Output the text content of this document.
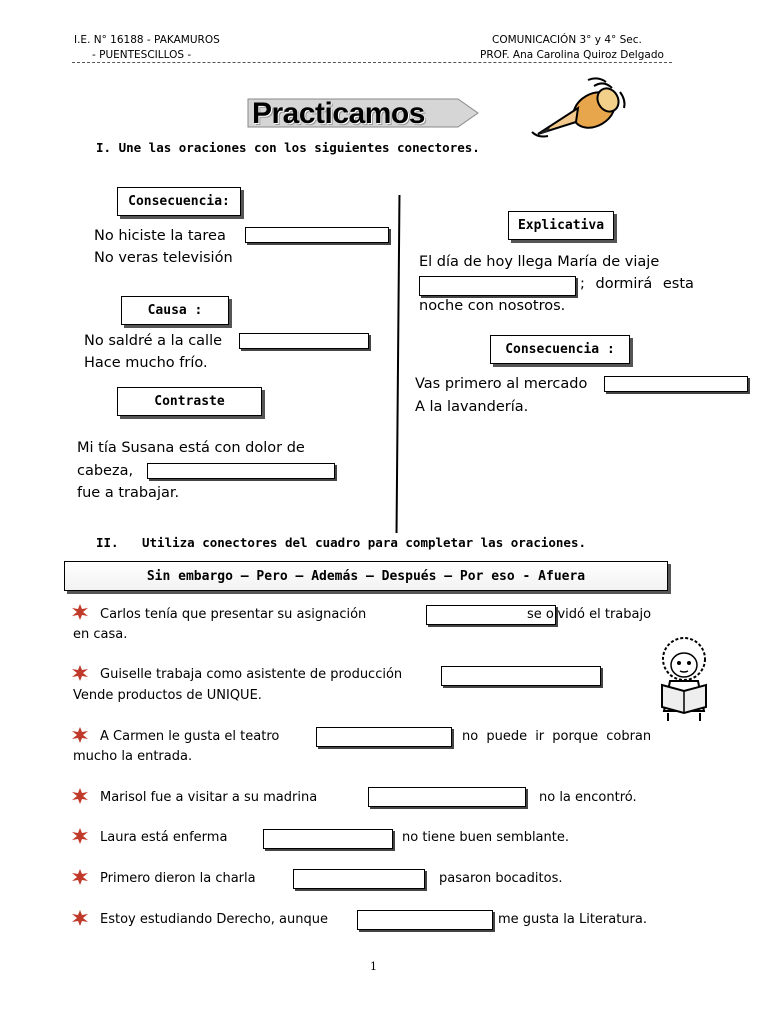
I.E. N° 16188 - PAKAMUROS
- PUENTESCILLOS -
COMUNICACIÓN 3° y 4° Sec.
PROF. Ana Carolina Quiroz Delgado
Practicamos
I. Une las oraciones con los siguientes conectores.
Consecuencia:
No hiciste la tarea
No veras televisión
Causa :
No saldré a la calle
Hace mucho frío.
Contraste
Mi tía Susana está con dolor de
cabeza,
fue a trabajar.
Explicativa
El día de hoy llega María de viaje
; dormirá esta
noche con nosotros.
Consecuencia :
Vas primero al mercado
A la lavandería.
II. Utiliza conectores del cuadro para completar las oraciones.
Sin embargo – Pero – Además – Después – Por eso - Afuera
Carlos tenía que presentar su asignación	se olvidó el trabajo
en casa.
Guiselle trabaja como asistente de producción
Vende productos de UNIQUE.
A Carmen le gusta el teatro	no puede ir porque cobran
mucho la entrada.
Marisol fue a visitar a su madrina	no la encontró.
Laura está enferma	no tiene buen semblante.
Primero dieron la charla	pasaron bocaditos.
Estoy estudiando Derecho, aunque	me gusta la Literatura.
1
